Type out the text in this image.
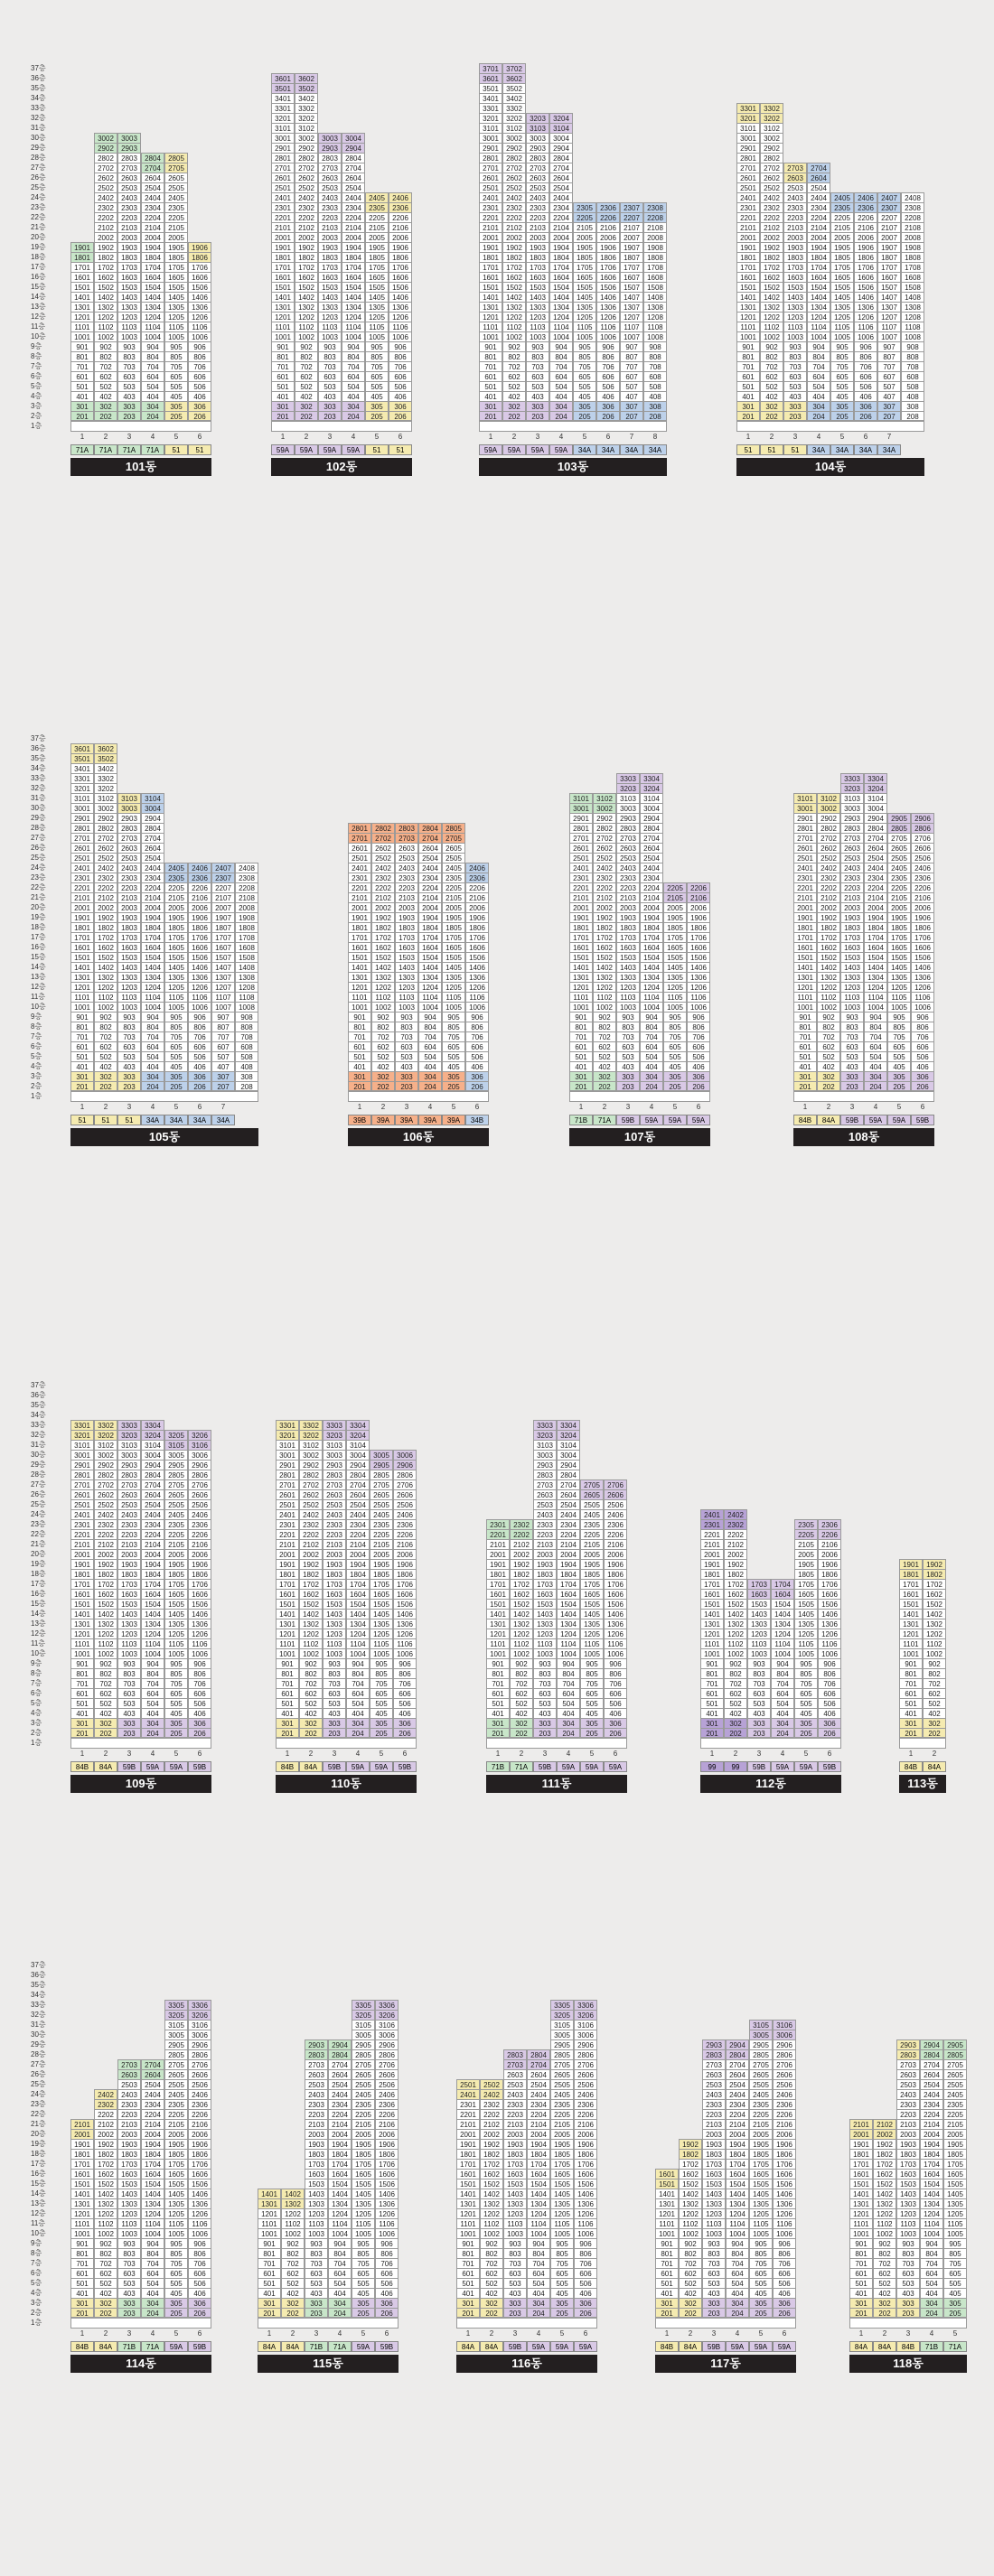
37층
36층
35층
34층
33층
32층
31층
30층
29층
28층
27층
26층
25층
24층
23층
22층
21층
20층
19층
18층
17층
16층
15층
14층
13층
12층
11층
10층
9층
8층
7층
6층
5층
4층
3층
2층
1층
1901
1801
1701
1601
1501
1401
1301
1201
1101
1001
901
801
701
601
501
401
301
201
3002
2902
2802
2702
2602
2502
2402
2302
2202
2102
2002
1902
1802
1702
1602
1502
1402
1302
1202
1102
1002
902
802
702
602
502
402
302
202
3003
2903
2803
2703
2603
2503
2403
2303
2203
2103
2003
1903
1803
1703
1603
1503
1403
1303
1203
1103
1003
903
803
703
603
503
403
303
203
2804
2704
2604
2504
2404
2304
2204
2104
2004
1904
1804
1704
1604
1504
1404
1304
1204
1104
1004
904
804
704
604
504
404
304
204
2805
2705
2605
2505
2405
2305
2205
2105
2005
1905
1805
1705
1605
1505
1405
1305
1205
1105
1005
905
805
705
605
505
405
305
205
1906
1806
1706
1606
1506
1406
1306
1206
1106
1006
906
806
706
606
506
406
306
206
1
71A
2
71A
3
71A
4
71A
5
51
6
51
101동
3601
3501
3401
3301
3201
3101
3001
2901
2801
2701
2601
2501
2401
2301
2201
2101
2001
1901
1801
1701
1601
1501
1401
1301
1201
1101
1001
901
801
701
601
501
401
301
201
3602
3502
3402
3302
3202
3102
3002
2902
2802
2702
2602
2502
2402
2302
2202
2102
2002
1902
1802
1702
1602
1502
1402
1302
1202
1102
1002
902
802
702
602
502
402
302
202
3003
2903
2803
2703
2603
2503
2403
2303
2203
2103
2003
1903
1803
1703
1603
1503
1403
1303
1203
1103
1003
903
803
703
603
503
403
303
203
3004
2904
2804
2704
2604
2504
2404
2304
2204
2104
2004
1904
1804
1704
1604
1504
1404
1304
1204
1104
1004
904
804
704
604
504
404
304
204
2405
2305
2205
2105
2005
1905
1805
1705
1605
1505
1405
1305
1205
1105
1005
905
805
705
605
505
405
305
205
2406
2306
2206
2106
2006
1906
1806
1706
1606
1506
1406
1306
1206
1106
1006
906
806
706
606
506
406
306
206
1
59A
2
59A
3
59A
4
59A
5
51
6
51
102동
3701
3601
3501
3401
3301
3201
3101
3001
2901
2801
2701
2601
2501
2401
2301
2201
2101
2001
1901
1801
1701
1601
1501
1401
1301
1201
1101
1001
901
801
701
601
501
401
301
201
3702
3602
3502
3402
3302
3202
3102
3002
2902
2802
2702
2602
2502
2402
2302
2202
2102
2002
1902
1802
1702
1602
1502
1402
1302
1202
1102
1002
902
802
702
602
502
402
302
202
3203
3103
3003
2903
2803
2703
2603
2503
2403
2303
2203
2103
2003
1903
1803
1703
1603
1503
1403
1303
1203
1103
1003
903
803
703
603
503
403
303
203
3204
3104
3004
2904
2804
2704
2604
2504
2404
2304
2204
2104
2004
1904
1804
1704
1604
1504
1404
1304
1204
1104
1004
904
804
704
604
504
404
304
204
2305
2205
2105
2005
1905
1805
1705
1605
1505
1405
1305
1205
1105
1005
905
805
705
605
505
405
305
205
2306
2206
2106
2006
1906
1806
1706
1606
1506
1406
1306
1206
1106
1006
906
806
706
606
506
406
306
206
2307
2207
2107
2007
1907
1807
1707
1607
1507
1407
1307
1207
1107
1007
907
807
707
607
507
407
307
207
2308
2208
2108
2008
1908
1808
1708
1608
1508
1408
1308
1208
1108
1008
908
808
708
608
508
408
308
208
1
59A
2
59A
3
59A
4
59A
5
34A
6
34A
7
34A
8
34A
103동
3301
3201
3101
3001
2901
2801
2701
2601
2501
2401
2301
2201
2101
2001
1901
1801
1701
1601
1501
1401
1301
1201
1101
1001
901
801
701
601
501
401
301
201
3302
3202
3102
3002
2902
2802
2702
2602
2502
2402
2302
2202
2102
2002
1902
1802
1702
1602
1502
1402
1302
1202
1102
1002
902
802
702
602
502
402
302
202
2703
2603
2503
2403
2303
2203
2103
2003
1903
1803
1703
1603
1503
1403
1303
1203
1103
1003
903
803
703
603
503
403
303
203
2704
2604
2504
2404
2304
2204
2104
2004
1904
1804
1704
1604
1504
1404
1304
1204
1104
1004
904
804
704
604
504
404
304
204
2405
2305
2205
2105
2005
1905
1805
1705
1605
1505
1405
1305
1205
1105
1005
905
805
705
605
505
405
305
205
2406
2306
2206
2106
2006
1906
1806
1706
1606
1506
1406
1306
1206
1106
1006
906
806
706
606
506
406
306
206
2407
2307
2207
2107
2007
1907
1807
1707
1607
1507
1407
1307
1207
1107
1007
907
807
707
607
507
407
307
207
2408
2308
2208
2108
2008
1908
1808
1708
1608
1508
1408
1308
1208
1108
1008
908
808
708
608
508
408
308
208
1
51
2
51
3
51
4
34A
5
34A
6
34A
7
34A
104동
37층
36층
35층
34층
33층
32층
31층
30층
29층
28층
27층
26층
25층
24층
23층
22층
21층
20층
19층
18층
17층
16층
15층
14층
13층
12층
11층
10층
9층
8층
7층
6층
5층
4층
3층
2층
1층
3601
3501
3401
3301
3201
3101
3001
2901
2801
2701
2601
2501
2401
2301
2201
2101
2001
1901
1801
1701
1601
1501
1401
1301
1201
1101
1001
901
801
701
601
501
401
301
201
3602
3502
3402
3302
3202
3102
3002
2902
2802
2702
2602
2502
2402
2302
2202
2102
2002
1902
1802
1702
1602
1502
1402
1302
1202
1102
1002
902
802
702
602
502
402
302
202
3103
3003
2903
2803
2703
2603
2503
2403
2303
2203
2103
2003
1903
1803
1703
1603
1503
1403
1303
1203
1103
1003
903
803
703
603
503
403
303
203
3104
3004
2904
2804
2704
2604
2504
2404
2304
2204
2104
2004
1904
1804
1704
1604
1504
1404
1304
1204
1104
1004
904
804
704
604
504
404
304
204
2405
2305
2205
2105
2005
1905
1805
1705
1605
1505
1405
1305
1205
1105
1005
905
805
705
605
505
405
305
205
2406
2306
2206
2106
2006
1906
1806
1706
1606
1506
1406
1306
1206
1106
1006
906
806
706
606
506
406
306
206
2407
2307
2207
2107
2007
1907
1807
1707
1607
1507
1407
1307
1207
1107
1007
907
807
707
607
507
407
307
207
2408
2308
2208
2108
2008
1908
1808
1708
1608
1508
1408
1308
1208
1108
1008
908
808
708
608
508
408
308
208
1
51
2
51
3
51
4
34A
5
34A
6
34A
7
34A
105동
2801
2701
2601
2501
2401
2301
2201
2101
2001
1901
1801
1701
1601
1501
1401
1301
1201
1101
1001
901
801
701
601
501
401
301
201
2802
2702
2602
2502
2402
2302
2202
2102
2002
1902
1802
1702
1602
1502
1402
1302
1202
1102
1002
902
802
702
602
502
402
302
202
2803
2703
2603
2503
2403
2303
2203
2103
2003
1903
1803
1703
1603
1503
1403
1303
1203
1103
1003
903
803
703
603
503
403
303
203
2804
2704
2604
2504
2404
2304
2204
2104
2004
1904
1804
1704
1604
1504
1404
1304
1204
1104
1004
904
804
704
604
504
404
304
204
2805
2705
2605
2505
2405
2305
2205
2105
2005
1905
1805
1705
1605
1505
1405
1305
1205
1105
1005
905
805
705
605
505
405
305
205
2406
2306
2206
2106
2006
1906
1806
1706
1606
1506
1406
1306
1206
1106
1006
906
806
706
606
506
406
306
206
1
39B
2
39A
3
39A
4
39A
5
39A
6
34B
106동
3101
3001
2901
2801
2701
2601
2501
2401
2301
2201
2101
2001
1901
1801
1701
1601
1501
1401
1301
1201
1101
1001
901
801
701
601
501
401
301
201
3102
3002
2902
2802
2702
2602
2502
2402
2302
2202
2102
2002
1902
1802
1702
1602
1502
1402
1302
1202
1102
1002
902
802
702
602
502
402
302
202
3303
3203
3103
3003
2903
2803
2703
2603
2503
2403
2303
2203
2103
2003
1903
1803
1703
1603
1503
1403
1303
1203
1103
1003
903
803
703
603
503
403
303
203
3304
3204
3104
3004
2904
2804
2704
2604
2504
2404
2304
2204
2104
2004
1904
1804
1704
1604
1504
1404
1304
1204
1104
1004
904
804
704
604
504
404
304
204
2205
2105
2005
1905
1805
1705
1605
1505
1405
1305
1205
1105
1005
905
805
705
605
505
405
305
205
2206
2106
2006
1906
1806
1706
1606
1506
1406
1306
1206
1106
1006
906
806
706
606
506
406
306
206
1
71B
2
71A
3
59B
4
59A
5
59A
6
59A
107동
3101
3001
2901
2801
2701
2601
2501
2401
2301
2201
2101
2001
1901
1801
1701
1601
1501
1401
1301
1201
1101
1001
901
801
701
601
501
401
301
201
3102
3002
2902
2802
2702
2602
2502
2402
2302
2202
2102
2002
1902
1802
1702
1602
1502
1402
1302
1202
1102
1002
902
802
702
602
502
402
302
202
3303
3203
3103
3003
2903
2803
2703
2603
2503
2403
2303
2203
2103
2003
1903
1803
1703
1603
1503
1403
1303
1203
1103
1003
903
803
703
603
503
403
303
203
3304
3204
3104
3004
2904
2804
2704
2604
2504
2404
2304
2204
2104
2004
1904
1804
1704
1604
1504
1404
1304
1204
1104
1004
904
804
704
604
504
404
304
204
2905
2805
2705
2605
2505
2405
2305
2205
2105
2005
1905
1805
1705
1605
1505
1405
1305
1205
1105
1005
905
805
705
605
505
405
305
205
2906
2806
2706
2606
2506
2406
2306
2206
2106
2006
1906
1806
1706
1606
1506
1406
1306
1206
1106
1006
906
806
706
606
506
406
306
206
1
84B
2
84A
3
59B
4
59A
5
59A
6
59B
108동
37층
36층
35층
34층
33층
32층
31층
30층
29층
28층
27층
26층
25층
24층
23층
22층
21층
20층
19층
18층
17층
16층
15층
14층
13층
12층
11층
10층
9층
8층
7층
6층
5층
4층
3층
2층
1층
3301
3201
3101
3001
2901
2801
2701
2601
2501
2401
2301
2201
2101
2001
1901
1801
1701
1601
1501
1401
1301
1201
1101
1001
901
801
701
601
501
401
301
201
3302
3202
3102
3002
2902
2802
2702
2602
2502
2402
2302
2202
2102
2002
1902
1802
1702
1602
1502
1402
1302
1202
1102
1002
902
802
702
602
502
402
302
202
3303
3203
3103
3003
2903
2803
2703
2603
2503
2403
2303
2203
2103
2003
1903
1803
1703
1603
1503
1403
1303
1203
1103
1003
903
803
703
603
503
403
303
203
3304
3204
3104
3004
2904
2804
2704
2604
2504
2404
2304
2204
2104
2004
1904
1804
1704
1604
1504
1404
1304
1204
1104
1004
904
804
704
604
504
404
304
204
3205
3105
3005
2905
2805
2705
2605
2505
2405
2305
2205
2105
2005
1905
1805
1705
1605
1505
1405
1305
1205
1105
1005
905
805
705
605
505
405
305
205
3206
3106
3006
2906
2806
2706
2606
2506
2406
2306
2206
2106
2006
1906
1806
1706
1606
1506
1406
1306
1206
1106
1006
906
806
706
606
506
406
306
206
1
84B
2
84A
3
59B
4
59A
5
59A
6
59B
109동
3301
3201
3101
3001
2901
2801
2701
2601
2501
2401
2301
2201
2101
2001
1901
1801
1701
1601
1501
1401
1301
1201
1101
1001
901
801
701
601
501
401
301
201
3302
3202
3102
3002
2902
2802
2702
2602
2502
2402
2302
2202
2102
2002
1902
1802
1702
1602
1502
1402
1302
1202
1102
1002
902
802
702
602
502
402
302
202
3303
3203
3103
3003
2903
2803
2703
2603
2503
2403
2303
2203
2103
2003
1903
1803
1703
1603
1503
1403
1303
1203
1103
1003
903
803
703
603
503
403
303
203
3304
3204
3104
3004
2904
2804
2704
2604
2504
2404
2304
2204
2104
2004
1904
1804
1704
1604
1504
1404
1304
1204
1104
1004
904
804
704
604
504
404
304
204
3005
2905
2805
2705
2605
2505
2405
2305
2205
2105
2005
1905
1805
1705
1605
1505
1405
1305
1205
1105
1005
905
805
705
605
505
405
305
205
3006
2906
2806
2706
2606
2506
2406
2306
2206
2106
2006
1906
1806
1706
1606
1506
1406
1306
1206
1106
1006
906
806
706
606
506
406
306
206
1
84B
2
84A
3
59B
4
59A
5
59A
6
59B
110동
2301
2201
2101
2001
1901
1801
1701
1601
1501
1401
1301
1201
1101
1001
901
801
701
601
501
401
301
201
2302
2202
2102
2002
1902
1802
1702
1602
1502
1402
1302
1202
1102
1002
902
802
702
602
502
402
302
202
3303
3203
3103
3003
2903
2803
2703
2603
2503
2403
2303
2203
2103
2003
1903
1803
1703
1603
1503
1403
1303
1203
1103
1003
903
803
703
603
503
403
303
203
3304
3204
3104
3004
2904
2804
2704
2604
2504
2404
2304
2204
2104
2004
1904
1804
1704
1604
1504
1404
1304
1204
1104
1004
904
804
704
604
504
404
304
204
2705
2605
2505
2405
2305
2205
2105
2005
1905
1805
1705
1605
1505
1405
1305
1205
1105
1005
905
805
705
605
505
405
305
205
2706
2606
2506
2406
2306
2206
2106
2006
1906
1806
1706
1606
1506
1406
1306
1206
1106
1006
906
806
706
606
506
406
306
206
1
71B
2
71A
3
59B
4
59A
5
59A
6
59A
111동
2401
2301
2201
2101
2001
1901
1801
1701
1601
1501
1401
1301
1201
1101
1001
901
801
701
601
501
401
301
201
2402
2302
2202
2102
2002
1902
1802
1702
1602
1502
1402
1302
1202
1102
1002
902
802
702
602
502
402
302
202
1703
1603
1503
1403
1303
1203
1103
1003
903
803
703
603
503
403
303
203
1704
1604
1504
1404
1304
1204
1104
1004
904
804
704
604
504
404
304
204
2305
2205
2105
2005
1905
1805
1705
1605
1505
1405
1305
1205
1105
1005
905
805
705
605
505
405
305
205
2306
2206
2106
2006
1906
1806
1706
1606
1506
1406
1306
1206
1106
1006
906
806
706
606
506
406
306
206
1
99
2
99
3
59B
4
59A
5
59A
6
59B
112동
1901
1801
1701
1601
1501
1401
1301
1201
1101
1001
901
801
701
601
501
401
301
201
1902
1802
1702
1602
1502
1402
1302
1202
1102
1002
902
802
702
602
502
402
302
202
1
84B
2
84A
113동
37층
36층
35층
34층
33층
32층
31층
30층
29층
28층
27층
26층
25층
24층
23층
22층
21층
20층
19층
18층
17층
16층
15층
14층
13층
12층
11층
10층
9층
8층
7층
6층
5층
4층
3층
2층
1층
2101
2001
1901
1801
1701
1601
1501
1401
1301
1201
1101
1001
901
801
701
601
501
401
301
201
2402
2302
2202
2102
2002
1902
1802
1702
1602
1502
1402
1302
1202
1102
1002
902
802
702
602
502
402
302
202
2703
2603
2503
2403
2303
2203
2103
2003
1903
1803
1703
1603
1503
1403
1303
1203
1103
1003
903
803
703
603
503
403
303
203
2704
2604
2504
2404
2304
2204
2104
2004
1904
1804
1704
1604
1504
1404
1304
1204
1104
1004
904
804
704
604
504
404
304
204
3305
3205
3105
3005
2905
2805
2705
2605
2505
2405
2305
2205
2105
2005
1905
1805
1705
1605
1505
1405
1305
1205
1105
1005
905
805
705
605
505
405
305
205
3306
3206
3106
3006
2906
2806
2706
2606
2506
2406
2306
2206
2106
2006
1906
1806
1706
1606
1506
1406
1306
1206
1106
1006
906
806
706
606
506
406
306
206
1
84B
2
84A
3
71B
4
71A
5
59A
6
59B
114동
1401
1301
1201
1101
1001
901
801
701
601
501
401
301
201
1402
1302
1202
1102
1002
902
802
702
602
502
402
302
202
2903
2803
2703
2603
2503
2403
2303
2203
2103
2003
1903
1803
1703
1603
1503
1403
1303
1203
1103
1003
903
803
703
603
503
403
303
203
2904
2804
2704
2604
2504
2404
2304
2204
2104
2004
1904
1804
1704
1604
1504
1404
1304
1204
1104
1004
904
804
704
604
504
404
304
204
3305
3205
3105
3005
2905
2805
2705
2605
2505
2405
2305
2205
2105
2005
1905
1805
1705
1605
1505
1405
1305
1205
1105
1005
905
805
705
605
505
405
305
205
3306
3206
3106
3006
2906
2806
2706
2606
2506
2406
2306
2206
2106
2006
1906
1806
1706
1606
1506
1406
1306
1206
1106
1006
906
806
706
606
506
406
306
206
1
84A
2
84A
3
71B
4
71A
5
59A
6
59B
115동
2501
2401
2301
2201
2101
2001
1901
1801
1701
1601
1501
1401
1301
1201
1101
1001
901
801
701
601
501
401
301
201
2502
2402
2302
2202
2102
2002
1902
1802
1702
1602
1502
1402
1302
1202
1102
1002
902
802
702
602
502
402
302
202
2803
2703
2603
2503
2403
2303
2203
2103
2003
1903
1803
1703
1603
1503
1403
1303
1203
1103
1003
903
803
703
603
503
403
303
203
2804
2704
2604
2504
2404
2304
2204
2104
2004
1904
1804
1704
1604
1504
1404
1304
1204
1104
1004
904
804
704
604
504
404
304
204
3305
3205
3105
3005
2905
2805
2705
2605
2505
2405
2305
2205
2105
2005
1905
1805
1705
1605
1505
1405
1305
1205
1105
1005
905
805
705
605
505
405
305
205
3306
3206
3106
3006
2906
2806
2706
2606
2506
2406
2306
2206
2106
2006
1906
1806
1706
1606
1506
1406
1306
1206
1106
1006
906
806
706
606
506
406
306
206
1
84A
2
84A
3
59B
4
59A
5
59A
6
59A
116동
1601
1501
1401
1301
1201
1101
1001
901
801
701
601
501
401
301
201
1902
1802
1702
1602
1502
1402
1302
1202
1102
1002
902
802
702
602
502
402
302
202
2903
2803
2703
2603
2503
2403
2303
2203
2103
2003
1903
1803
1703
1603
1503
1403
1303
1203
1103
1003
903
803
703
603
503
403
303
203
2904
2804
2704
2604
2504
2404
2304
2204
2104
2004
1904
1804
1704
1604
1504
1404
1304
1204
1104
1004
904
804
704
604
504
404
304
204
3105
3005
2905
2805
2705
2605
2505
2405
2305
2205
2105
2005
1905
1805
1705
1605
1505
1405
1305
1205
1105
1005
905
805
705
605
505
405
305
205
3106
3006
2906
2806
2706
2606
2506
2406
2306
2206
2106
2006
1906
1806
1706
1606
1506
1406
1306
1206
1106
1006
906
806
706
606
506
406
306
206
1
84B
2
84A
3
59B
4
59A
5
59A
6
59A
117동
2101
2001
1901
1801
1701
1601
1501
1401
1301
1201
1101
1001
901
801
701
601
501
401
301
201
2102
2002
1902
1802
1702
1602
1502
1402
1302
1202
1102
1002
902
802
702
602
502
402
302
202
2903
2803
2703
2603
2503
2403
2303
2203
2103
2003
1903
1803
1703
1603
1503
1403
1303
1203
1103
1003
903
803
703
603
503
403
303
203
2904
2804
2704
2604
2504
2404
2304
2204
2104
2004
1904
1804
1704
1604
1504
1404
1304
1204
1104
1004
904
804
704
604
504
404
304
204
2905
2805
2705
2605
2505
2405
2305
2205
2105
2005
1905
1805
1705
1605
1505
1405
1305
1205
1105
1005
905
805
705
605
505
405
305
205
1
84A
2
84A
3
84B
4
71B
5
71A
118동
